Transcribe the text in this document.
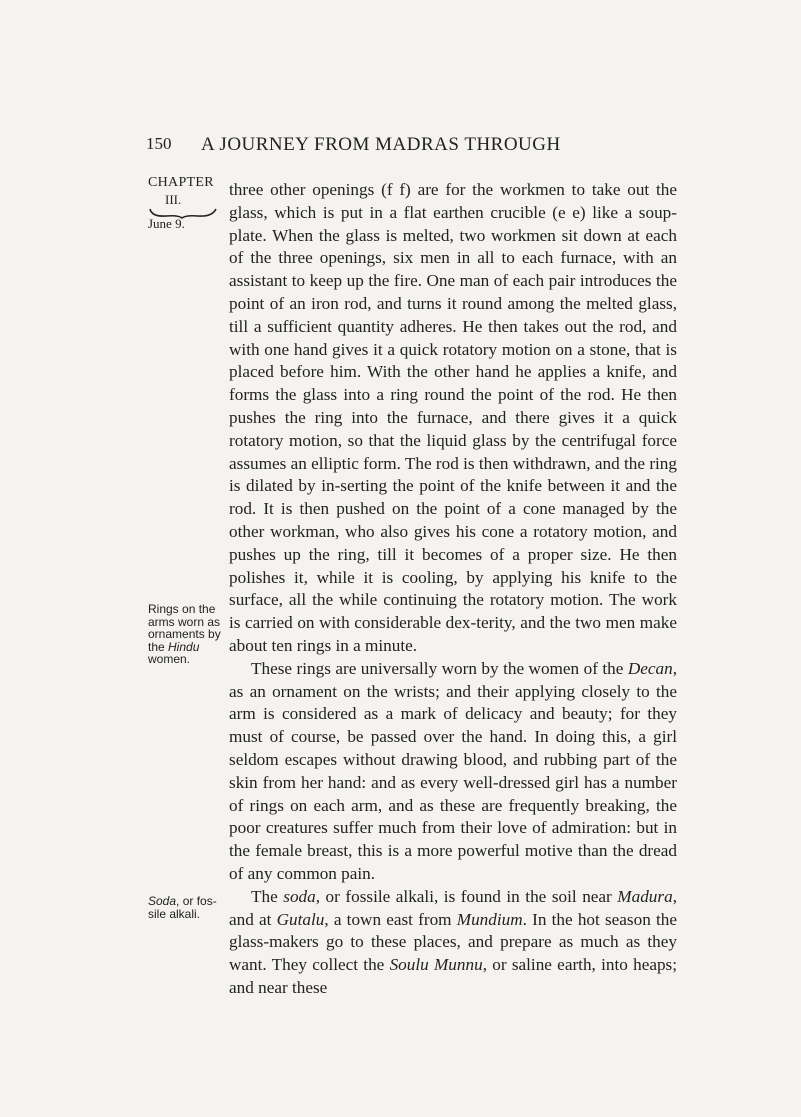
150 A JOURNEY FROM MADRAS THROUGH
CHAPTER
III.
June 9.
Rings on the arms worn as ornaments by the Hindu women.
Soda, or fos-sile alkali.

three other openings (f f) are for the workmen to take out the glass, which is put in a flat earthen crucible (e e) like a soup-plate. When the glass is melted, two workmen sit down at each of the three openings, six men in all to each furnace, with an assistant to keep up the fire. One man of each pair introduces the point of an iron rod, and turns it round among the melted glass, till a sufficient quantity adheres. He then takes out the rod, and with one hand gives it a quick rotatory motion on a stone, that is placed before him. With the other hand he applies a knife, and forms the glass into a ring round the point of the rod. He then pushes the ring into the furnace, and there gives it a quick rotatory motion, so that the liquid glass by the centrifugal force assumes an elliptic form. The rod is then withdrawn, and the ring is dilated by in-serting the point of the knife between it and the rod. It is then pushed on the point of a cone managed by the other workman, who also gives his cone a rotatory motion, and pushes up the ring, till it becomes of a proper size. He then polishes it, while it is cooling, by applying his knife to the surface, all the while continuing the rotatory motion. The work is carried on with considerable dex-terity, and the two men make about ten rings in a minute.

These rings are universally worn by the women of the Decan, as an ornament on the wrists; and their applying closely to the arm is considered as a mark of delicacy and beauty; for they must of course, be passed over the hand. In doing this, a girl seldom escapes without drawing blood, and rubbing part of the skin from her hand: and as every well-dressed girl has a number of rings on each arm, and as these are frequently breaking, the poor creatures suffer much from their love of admiration: but in the female breast, this is a more powerful motive than the dread of any common pain.

The soda, or fossile alkali, is found in the soil near Madura, and at Gutalu, a town east from Mundium. In the hot season the glass-makers go to these places, and prepare as much as they want. They collect the Soulu Munnu, or saline earth, into heaps; and near these
